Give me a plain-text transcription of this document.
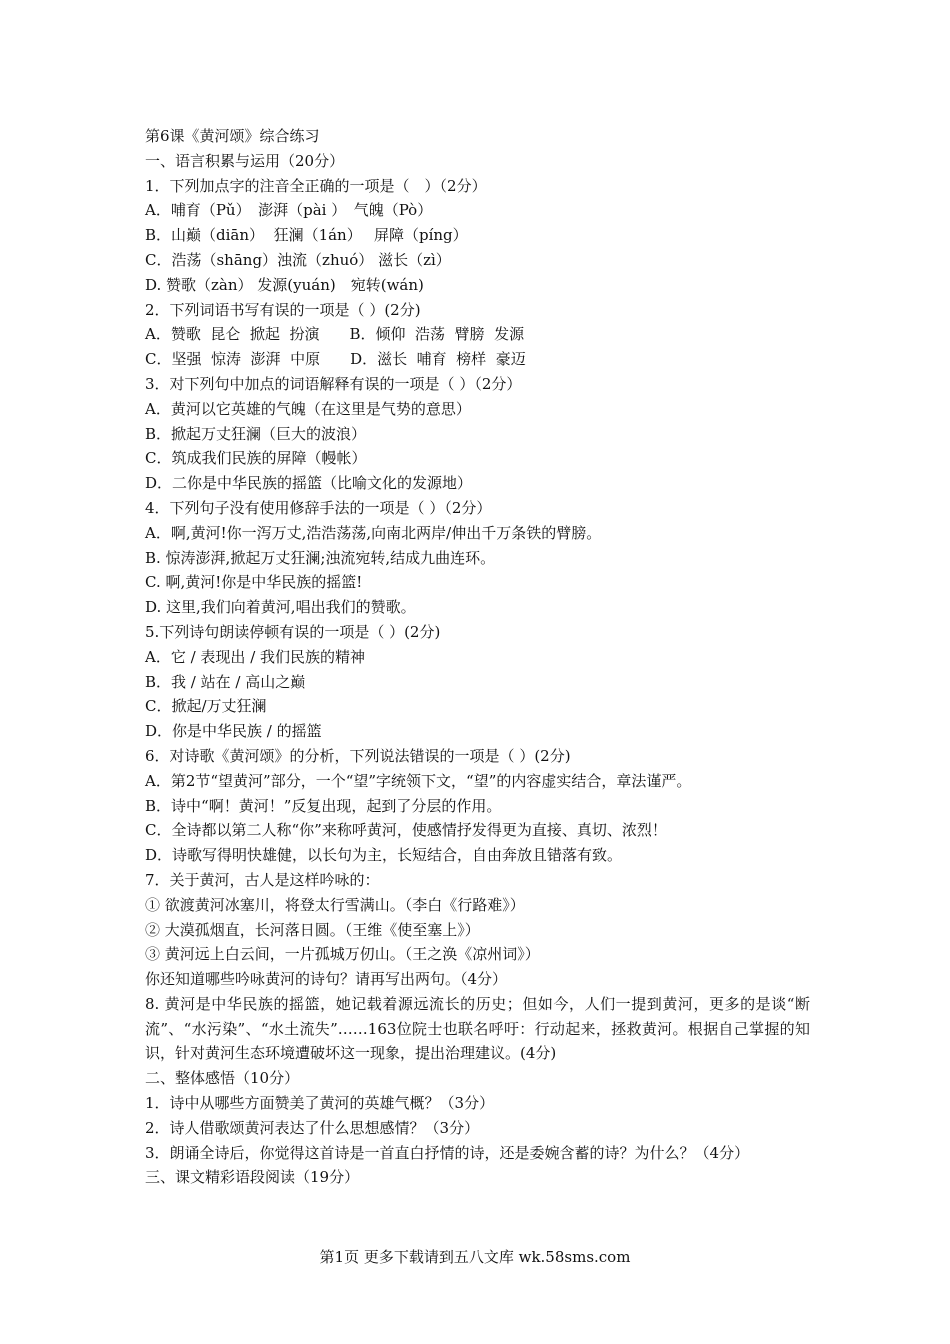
第6课《黄河颂》综合练习
一、语言积累与运用（20分）
1．下列加点字的注音全正确的一项是（　）（2分）
A．哺育（Pǔ）　澎湃（pài ）　气魄（Pò）
B．山巅（diān）  狂澜（1án）　 屏障（píng）
C．浩荡（shāng）浊流（zhuó） 滋长（zì）
D. 赞歌（zàn） 发源(yuán)　宛转(wán)
2．下列词语书写有误的一项是（ ）(2分)
A．赞歌  昆仑  掀起  扮演　　B．倾仰  浩荡  臂膀  发源
C．坚强  惊涛  澎湃  中原　　D．滋长  哺育  榜样  豪迈
3．对下列句中加点的词语解释有误的一项是（ ）（2分）
A．黄河以它英雄的气魄（在这里是气势的意思）
B．掀起万丈狂澜（巨大的波浪）
C．筑成我们民族的屏障（幔帐）
D．二你是中华民族的摇篮（比喻文化的发源地）
4．下列句子没有使用修辞手法的一项是（ ）（2分）
A．啊,黄河!你一泻万丈,浩浩荡荡,向南北两岸/伸出千万条铁的臂膀。
B. 惊涛澎湃,掀起万丈狂澜;浊流宛转,结成九曲连环。
C. 啊,黄河!你是中华民族的摇篮!
D. 这里,我们向着黄河,唱出我们的赞歌。
5.下列诗句朗读停顿有误的一项是（ ）(2分)
A．它 / 表现出 / 我们民族的精神
B．我 / 站在 / 高山之巅
C．掀起/万丈狂澜
D．你是中华民族 / 的摇篮
6．对诗歌《黄河颂》的分析，下列说法错误的一项是（ ）(2分)
A．第2节“望黄河”部分，一个“望”字统领下文，“望”的内容虚实结合，章法谨严。
B．诗中“啊！黄河！”反复出现，起到了分层的作用。
C．全诗都以第二人称“你”来称呼黄河，使感情抒发得更为直接、真切、浓烈！
D．诗歌写得明快雄健，以长句为主，长短结合，自由奔放且错落有致。
7．关于黄河，古人是这样吟咏的：
① 欲渡黄河冰塞川，将登太行雪满山。（李白《行路难》）
② 大漠孤烟直，长河落日圆。（王维《使至塞上》）
③ 黄河远上白云间，一片孤城万仞山。（王之涣《凉州词》）
你还知道哪些吟咏黄河的诗句？请再写出两句。（4分）
8. 黄河是中华民族的摇篮，她记载着源远流长的历史；但如今，人们一提到黄河，更多的是谈“断流”、“水污染”、“水土流失”……163位院士也联名呼吁：行动起来，拯救黄河。根据自己掌握的知识，针对黄河生态环境遭破坏这一现象，提出治理建议。(4分)
二、整体感悟（10分）
1．诗中从哪些方面赞美了黄河的英雄气概？（3分）
2．诗人借歌颂黄河表达了什么思想感情？（3分）
3．朗诵全诗后，你觉得这首诗是一首直白抒情的诗，还是委婉含蓄的诗？为什么？（4分）
三、课文精彩语段阅读（19分）
第1页 更多下载请到五八文库 wk.58sms.com
